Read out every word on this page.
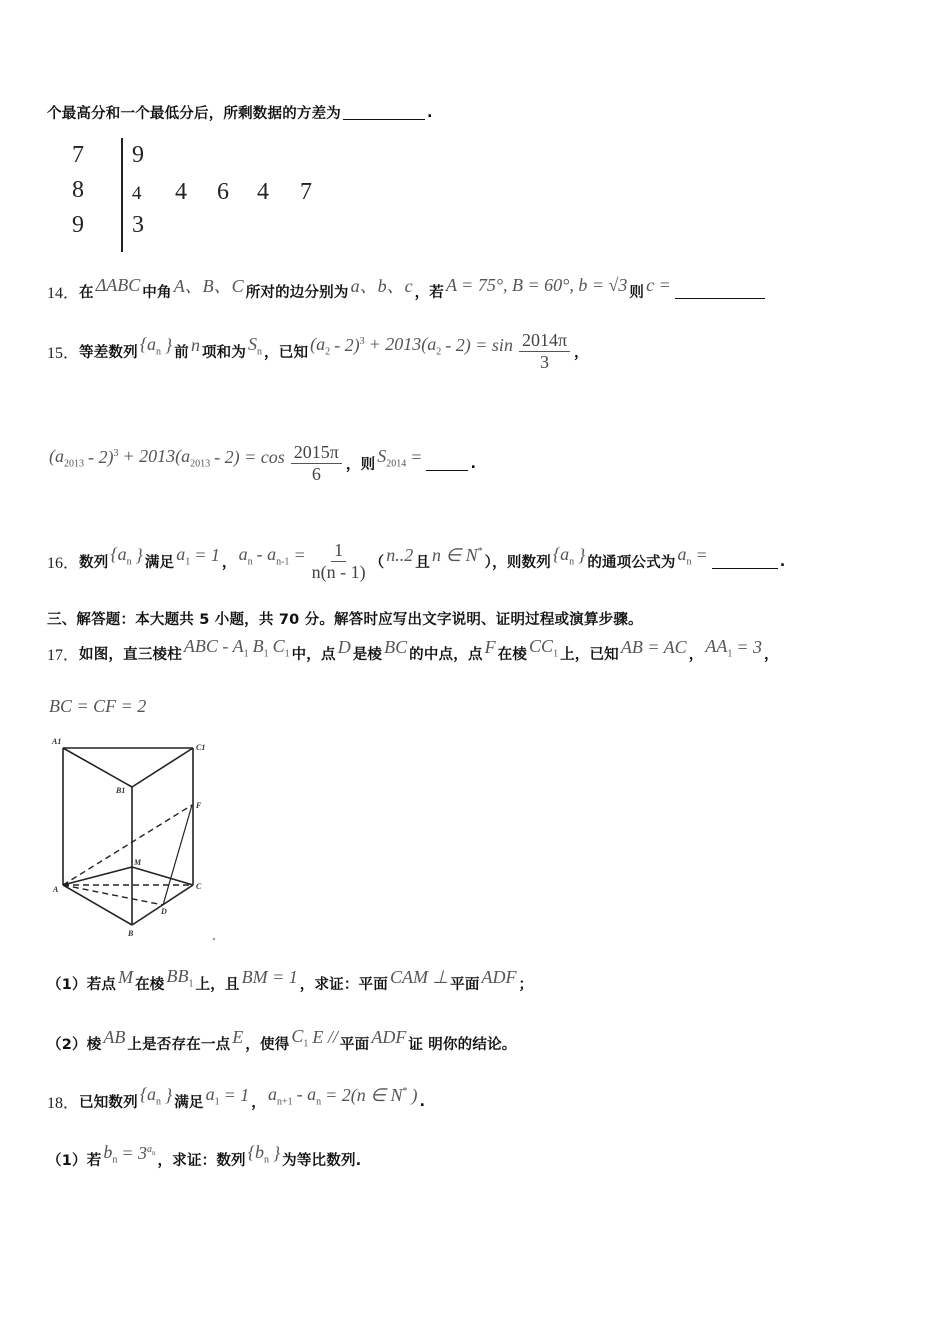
个最高分和一个最低分后，所剩数据的方差为	.
14． 在 ΔABC 中角 A、B、C 所对的边分别为 a、b、c ，若 A = 75°, B = 60°, b = √3 则 c =
15． 等差数列 {$a_n$ } 前 n 项和为 $S_n$ ，已知 $(a_2 - 2)^3 + 2013(a_2 - 2) = \sin \frac{2014\pi}{3}$ ，
$(a_{2013} - 2)^3 + 2013(a_{2013} - 2) = \cos \frac{2015\pi}{6}$ ，则 $S_{2014}$ =	.
16． 数列 {$a_n$ } 满足 $a_1 = 1$ ， $a_n - a_{n-1} = \frac{1}{n(n - 1)}$ （ n..2 且 n ∈ N*
），则数列 {$a_n$ } 的通项公式为 $a_n$ =	.
三、解答题：本大题共 5 小题，共 70 分。解答时应写出文字说明、证明过程或演算步骤。
17． 如图，直三棱柱 ABC - $A_1$ $B_1$ $C_1$ 中，点 D 是棱 BC 的中点，点 F 在棱 $CC_1$ 上，已知 AB = AC ， $AA_1 = 3$ ，
BC = CF = 2
（1）若点 M 在棱 $BB_1$ 上，且 BM = 1 ，求证：平面 CAM ⊥ 平面 ADF ；
（2）棱 AB 上是否存在一点 E ，使得 $C_1$ E // 平面 ADF 证 明你的结论。
18． 已知数列 {$a_n$ } 满足 $a_1 = 1$ ， $a_{n+1} - a_n = 2(n$ ∈ N* ) .
（1）若 $b_n = 3^{a_n}$ ，求证：数列 {$b_n$ } 为等比数列.
7 9
8	4 4 6 4 7
9 3
A1
C1
B1
F
M
A	C
D
B
